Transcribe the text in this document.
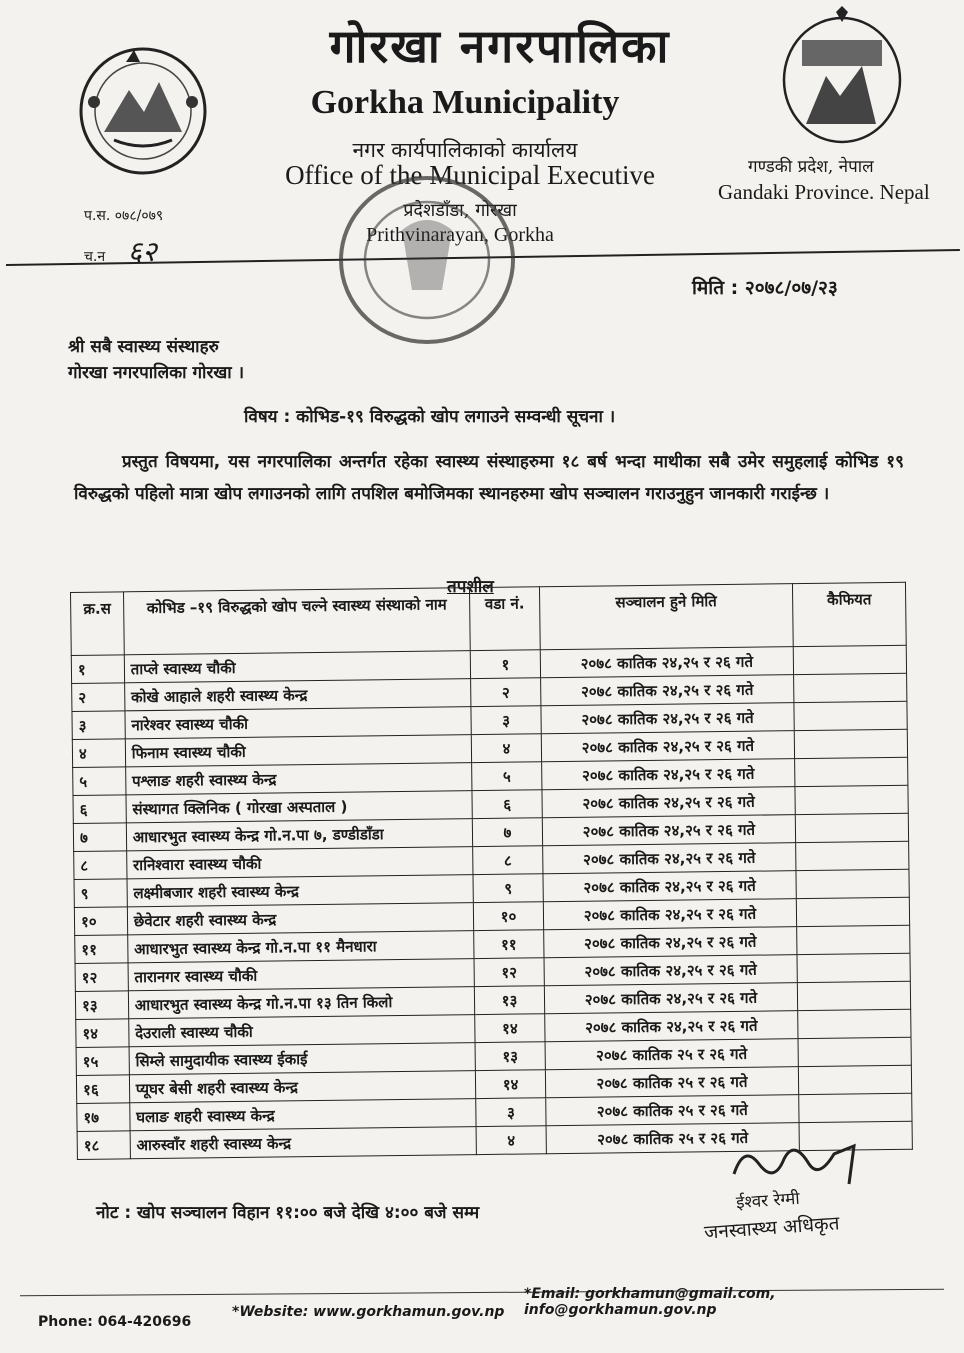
गोरखा नगरपालिका
Gorkha Municipality
नगर कार्यपालिकाको कार्यालय
Office of the Municipal Executive
प्रदेशडाँडा, गोरखा
Prithvinarayan, Gorkha
गण्डकी प्रदेश, नेपाल
Gandaki Province. Nepal
प.स. ०७८/०७९
च.न ६२
मिति : २०७८/०७/२३
श्री सबै स्वास्थ्य संस्थाहरु
गोरखा नगरपालिका गोरखा ।
विषय : कोभिड-१९ विरुद्धको खोप लगाउने सम्वन्धी सूचना ।
प्रस्तुत विषयमा, यस नगरपालिका अन्तर्गत रहेका स्वास्थ्य संस्थाहरुमा १८ बर्ष भन्दा माथीका सबै उमेर समुहलाई कोभिड १९ विरुद्धको पहिलो मात्रा खोप लगाउनको लागि तपशिल बमोजिमका स्थानहरुमा खोप सञ्चालन गराउनुहुन जानकारी गराईन्छ ।
तपशील
क्र.स	कोभिड –१९ विरुद्धको खोप चल्ने स्वास्थ्य संस्थाको नाम	वडा नं.	सञ्चालन हुने मिति	कैफियत
१	ताप्ले स्वास्थ्य चौकी	१	२०७८ कातिक २४,२५ र २६ गते	
२	कोखे आहाले शहरी स्वास्थ्य केन्द्र	२	२०७८ कातिक २४,२५ र २६ गते	
३	नारेश्वर स्वास्थ्य चौकी	३	२०७८ कातिक २४,२५ र २६ गते	
४	फिनाम स्वास्थ्य चौकी	४	२०७८ कातिक २४,२५ र २६ गते	
५	पश्लाङ शहरी स्वास्थ्य केन्द्र	५	२०७८ कातिक २४,२५ र २६ गते	
६	संस्थागत क्लिनिक ( गोरखा अस्पताल )	६	२०७८ कातिक २४,२५ र २६ गते	
७	आधारभुत स्वास्थ्य केन्द्र गो.न.पा ७, डण्डीडाँडा	७	२०७८ कातिक २४,२५ र २६ गते	
८	रानिश्वारा स्वास्थ्य चौकी	८	२०७८ कातिक २४,२५ र २६ गते	
९	लक्ष्मीबजार शहरी स्वास्थ्य केन्द्र	९	२०७८ कातिक २४,२५ र २६ गते	
१०	छेवेटार शहरी स्वास्थ्य केन्द्र	१०	२०७८ कातिक २४,२५ र २६ गते	
११	आधारभुत स्वास्थ्य केन्द्र गो.न.पा ११ मैनधारा	११	२०७८ कातिक २४,२५ र २६ गते	
१२	तारानगर स्वास्थ्य चौकी	१२	२०७८ कातिक २४,२५ र २६ गते	
१३	आधारभुत स्वास्थ्य केन्द्र गो.न.पा १३ तिन किलो	१३	२०७८ कातिक २४,२५ र २६ गते	
१४	देउराली स्वास्थ्य चौकी	१४	२०७८ कातिक २४,२५ र २६ गते	
१५	सिम्ले सामुदायीक स्वास्थ्य ईकाई	१३	२०७८ कातिक २५ र २६ गते	
१६	प्यूघर बेसी शहरी स्वास्थ्य केन्द्र	१४	२०७८ कातिक २५ र २६ गते	
१७	घलाङ शहरी स्वास्थ्य केन्द्र	३	२०७८ कातिक २५ र २६ गते	
१८	आरुस्वाँर शहरी स्वास्थ्य केन्द्र	४	२०७८ कातिक २५ र २६ गते	
नोट : खोप सञ्चालन विहान ११:०० बजे देखि ४:०० बजे सम्म	ईश्वर रेग्मी
जनस्वास्थ्य अधिकृत
Phone: 064-420696
*Website: www.gorkhamun.gov.np
*Email: gorkhamun@gmail.com, info@gorkhamun.gov.np
